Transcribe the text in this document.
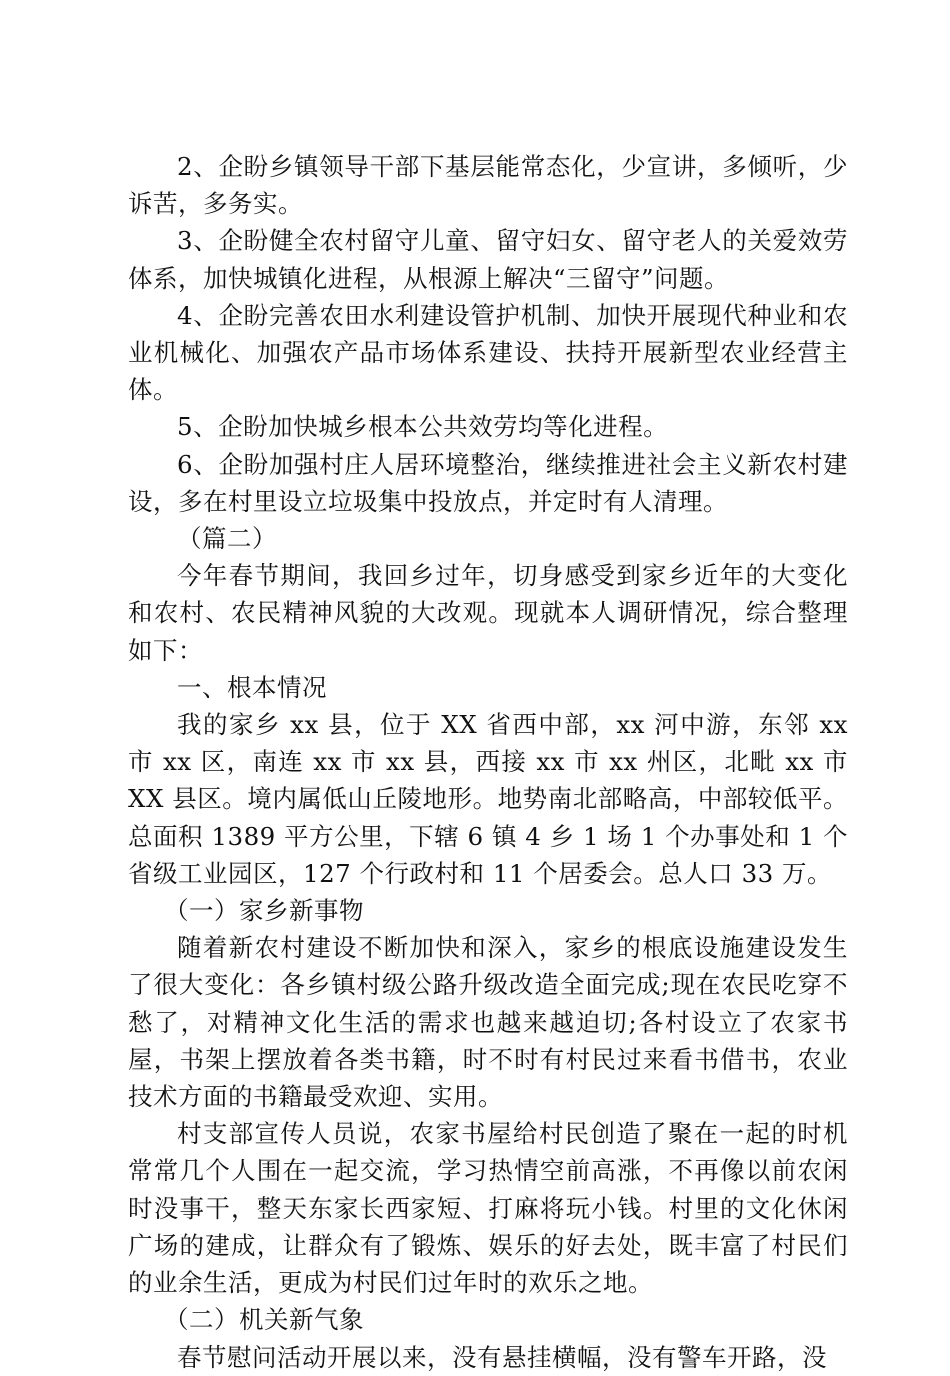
2、企盼乡镇领导干部下基层能常态化，少宣讲，多倾听，少诉苦，多务实。

3、企盼健全农村留守儿童、留守妇女、留守老人的关爱效劳体系，加快城镇化进程，从根源上解决“三留守”问题。

4、企盼完善农田水利建设管护机制、加快开展现代种业和农业机械化、加强农产品市场体系建设、扶持开展新型农业经营主体。

5、企盼加快城乡根本公共效劳均等化进程。

6、企盼加强村庄人居环境整治，继续推进社会主义新农村建设，多在村里设立垃圾集中投放点，并定时有人清理。

（篇二）

今年春节期间，我回乡过年，切身感受到家乡近年的大变化和农村、农民精神风貌的大改观。现就本人调研情况，综合整理如下：

一、根本情况

我的家乡 xx 县，位于 XX 省西中部，xx 河中游，东邻 xx 市 xx 区，南连 xx 市 xx 县，西接 xx 市 xx 州区，北毗 xx 市 XX 县区。境内属低山丘陵地形。地势南北部略高，中部较低平。总面积 1389 平方公里，下辖 6 镇 4 乡 1 场 1 个办事处和 1 个省级工业园区，127 个行政村和 11 个居委会。总人口 33 万。

（一）家乡新事物

随着新农村建设不断加快和深入，家乡的根底设施建设发生了很大变化：各乡镇村级公路升级改造全面完成;现在农民吃穿不愁了，对精神文化生活的需求也越来越迫切;各村设立了农家书屋，书架上摆放着各类书籍，时不时有村民过来看书借书，农业技术方面的书籍最受欢迎、实用。

村支部宣传人员说，农家书屋给村民创造了聚在一起的时机常常几个人围在一起交流，学习热情空前高涨，不再像以前农闲时没事干，整天东家长西家短、打麻将玩小钱。村里的文化休闲广场的建成，让群众有了锻炼、娱乐的好去处，既丰富了村民们的业余生活，更成为村民们过年时的欢乐之地。

（二）机关新气象

春节慰问活动开展以来，没有悬挂横幅，没有警车开路，没
